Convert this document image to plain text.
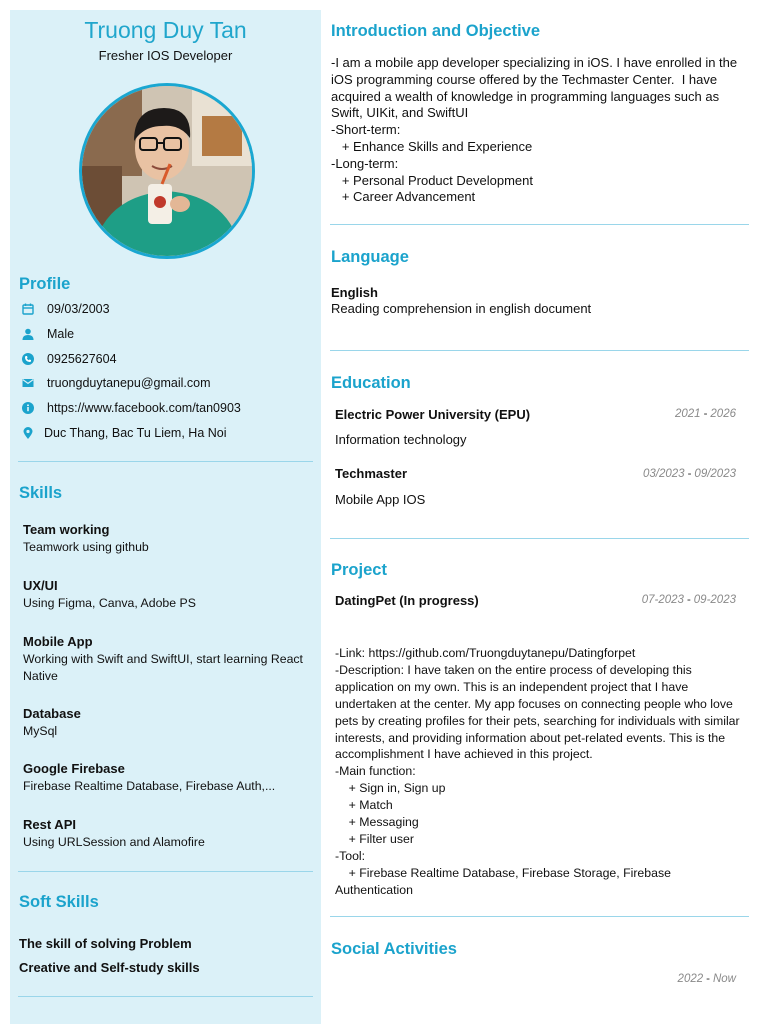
Truong Duy Tan
Fresher IOS Developer
Profile
09/03/2003
Male
0925627604
truongduytanepu@gmail.com
https://www.facebook.com/tan0903
Duc Thang, Bac Tu Liem, Ha Noi
Skills
Team working
Teamwork using github
UX/UI
Using Figma, Canva, Adobe PS
Mobile App
Working with Swift and SwiftUI, start learning React Native
Database
MySql
Google Firebase
Firebase Realtime Database, Firebase Auth,...
Rest API
Using URLSession and Alamofire
Soft Skills
The skill of solving Problem
Creative and Self-study skills
Introduction and Objective
-I am a mobile app developer specializing in iOS. I have enrolled in the
iOS programming course offered by the Techmaster Center.  I have
acquired a wealth of knowledge in programming languages such as
Swift, UIKit, and SwiftUI
-Short-term:
+ Enhance Skills and Experience
-Long-term:
+ Personal Product Development
+ Career Advancement
Language
English
Reading comprehension in english document
Education
Electric Power University (EPU)	2021 - 2026
Information technology
Techmaster	03/2023 - 09/2023
Mobile App IOS
Project
DatingPet (In progress)	07-2023 - 09-2023
-Link: https://github.com/Truongduytanepu/Datingforpet
-Description: I have taken on the entire process of developing this
application on my own. This is an independent project that I have
undertaken at the center. My app focuses on connecting people who love
pets by creating profiles for their pets, searching for individuals with similar
interests, and providing information about pet-related events. This is the
accomplishment I have achieved in this project.
-Main function:
+ Sign in, Sign up
+ Match
+ Messaging
+ Filter user
-Tool:
+ Firebase Realtime Database, Firebase Storage, Firebase
Authentication
Social Activities
2022 - Now
